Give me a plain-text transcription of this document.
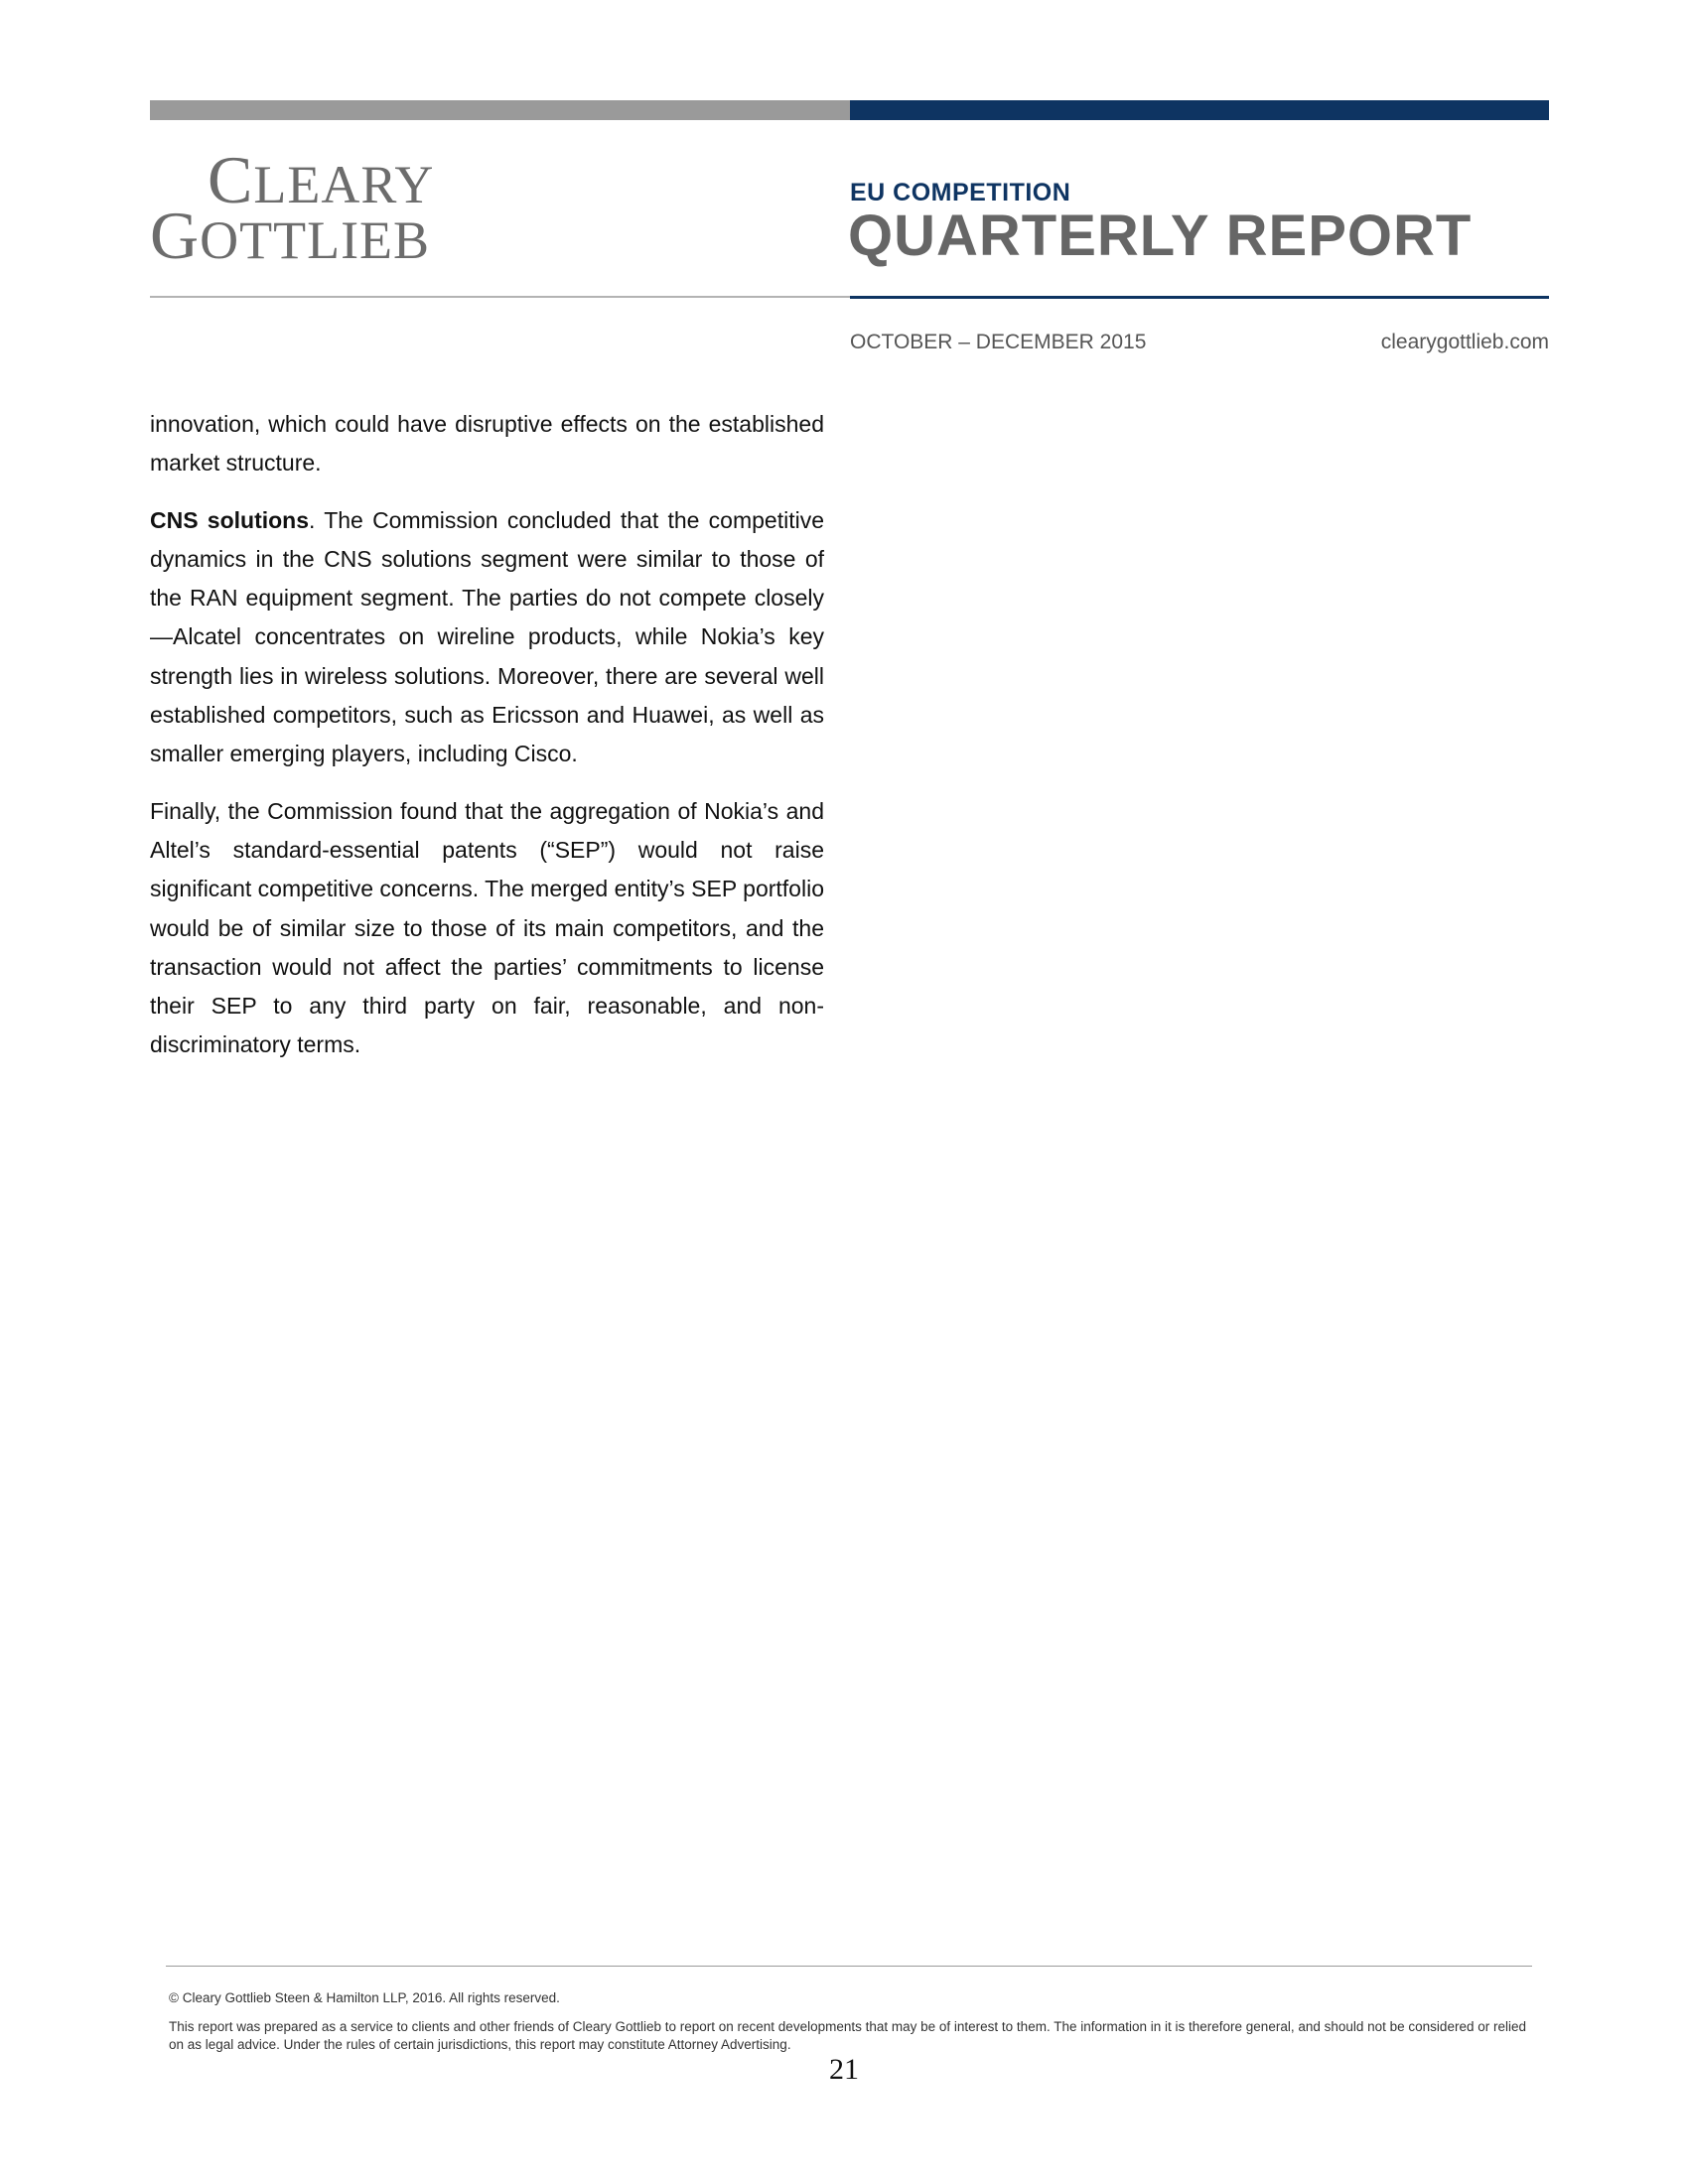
CLEARY
GOTTLIEB
EU COMPETITION
QUARTERLY REPORT
OCTOBER – DECEMBER 2015	clearygottlieb.com

innovation, which could have disruptive effects on the established market structure.

CNS solutions. The Commission concluded that the competitive dynamics in the CNS solutions segment were similar to those of the RAN equipment segment. The parties do not compete closely—Alcatel concentrates on wireline products, while Nokia’s key strength lies in wireless solutions. Moreover, there are several well established competitors, such as Ericsson and Huawei, as well as smaller emerging players, including Cisco.

Finally, the Commission found that the aggregation of Nokia’s and Altel’s standard-essential patents (“SEP”) would not raise significant competitive concerns. The merged entity’s SEP portfolio would be of similar size to those of its main competitors, and the transaction would not affect the parties’ commitments to license their SEP to any third party on fair, reasonable, and non-discriminatory terms.

© Cleary Gottlieb Steen & Hamilton LLP, 2016. All rights reserved.
This report was prepared as a service to clients and other friends of Cleary Gottlieb to report on recent developments that may be of interest to them. The information in it is therefore general, and should not be considered or relied on as legal advice. Under the rules of certain jurisdictions, this report may constitute Attorney Advertising.
21
